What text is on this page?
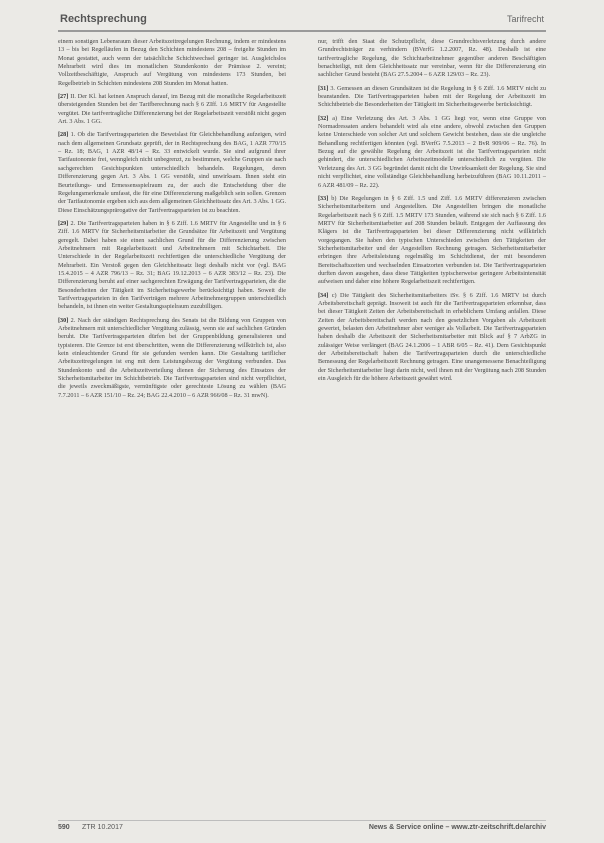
Rechtsprechung	Tarifrecht

einem sonstigen Lebensraum dieser Arbeitszeitregelungen Rechnung, indem er mindestens 13 – bis bei Regelläufen in Bezug den Schichten mindestens 208 – freigelte Stunden im Monat gestattet, auch wenn der tatsächliche Schichtwechsel geringer ist. Ausgleichslos Mehrarbeit wird dies im monatlichen Stundenkonto der Prämisse 2. vereint; Vollzeitbeschäftigte, Anspruch auf Vergütung von mindestens 173 Stunden, bei Regelbetrieb in Schichten mindestens 208 Stunden im Monat hatten.

[27] II. Der Kl. hat keinen Anspruch darauf, im Bezug mit die monatliche Regelarbeitszeit übersteigenden Stunden bei der Tarifberechnung nach § 6 ZIff. 1.6 MRTV für Angestellte vergütet. Die tarifvertragliche Differenzierung bei der Regelarbeitszeit verstößt nicht gegen Art. 3 Abs. 1 GG.

[28] 1. Ob die Tarifvertragsparteien die Beweislast für Gleichbehandlung aufzeigen, wird nach dem allgemeinen Grundsatz geprüft, der in Rechtsprechung des BAG, 1 AZR 770/15 – Rz. 18; BAG, 1 AZR 48/14 – Rz. 33 entwickelt wurde. Sie sind aufgrund ihrer Tarifautonomie frei, wenngleich nicht unbegrenzt, zu bestimmen, welche Gruppen sie nach sachgerechten Gesichtspunkten unterschiedlich behandeln. Regelungen, deren Differenzierung gegen Art. 3 Abs. 1 GG verstößt, sind unwirksam. Ihnen steht ein Beurteilungs- und Ermessensspielraum zu, der auch die Entscheidung über die Regelungsmerkmale umfasst, die für eine Differenzierung maßgeblich sein sollen. Grenzen der Tarifautonomie ergeben sich aus dem allgemeinen Gleichheitssatz des Art. 3 Abs. 1 GG. Diese Einschätzungsprärogative der Tarifvertragsparteien ist zu beachten.

[29] 2. Die Tarifvertragsparteien haben in § 6 Ziff. 1.6 MRTV für Angestellte und in § 6 Ziff. 1.6 MRTV für Sicherheitsmitarbeiter die Grundsätze für Arbeitszeit und Vergütung geregelt. Dabei haben sie einen sachlichen Grund für die Differenzierung zwischen Arbeitnehmern mit Regelarbeitszeit und Arbeitnehmern mit Schichtarbeit. Die Unterschiede in der Regelarbeitszeit rechtfertigen die unterschiedliche Vergütung der Mehrarbeit. Ein Verstoß gegen den Gleichheitssatz liegt deshalb nicht vor (vgl. BAG 15.4.2015 – 4 AZR 796/13 – Rz. 31; BAG 19.12.2013 – 6 AZR 383/12 – Rz. 23). Die Differenzierung beruht auf einer sachgerechten Erwägung der Tarifvertragsparteien, die die Besonderheiten der Tätigkeit im Sicherheitsgewerbe berücksichtigt haben. Soweit die Tarifvertragsparteien in den Tarifverträgen mehrere Arbeitnehmergruppen unterschiedlich behandeln, ist ihnen ein weiter Gestaltungsspielraum zuzubilligen.

[30] 2. Nach der ständigen Rechtsprechung des Senats ist die Bildung von Gruppen von Arbeitnehmern mit unterschiedlicher Vergütung zulässig, wenn sie auf sachlichen Gründen beruht. Die Tarifvertragsparteien dürfen bei der Gruppenbildung generalisieren und typisieren. Die Grenze ist erst überschritten, wenn die Differenzierung willkürlich ist, also kein einleuchtender Grund für sie gefunden werden kann. Die Gestaltung tariflicher Arbeitszeitregelungen ist eng mit dem Leistungsbezug der Vergütung verbunden. Das Stundenkonto und die Arbeitszeitverteilung dienen der Sicherung des Einsatzes der Sicherheitsmitarbeiter im Schichtbetrieb. Die Tarifvertragsparteien sind nicht verpflichtet, die jeweils zweckmäßigste, vernünftigste oder gerechteste Lösung zu wählen (BAG 7.7.2011 – 6 AZR 151/10 – Rz. 24; BAG 22.4.2010 – 6 AZR 966/08 – Rz. 31 mwN).

nur, trifft den Staat die Schutzpflicht, diese Grundrechtsverletzung durch andere Grundrechtsträger zu verhindern (BVerfG 1.2.2007, Rz. 48). Deshalb ist eine tarifvertragliche Regelung, die Schichtarbeitnehmer gegenüber anderen Beschäftigten benachteiligt, mit dem Gleichheitssatz nur vereinbar, wenn für die Differenzierung ein sachlicher Grund besteht (BAG 27.5.2004 – 6 AZR 129/03 – Rz. 23).

[31] 3. Gemessen an diesen Grundsätzen ist die Regelung in § 6 Ziff. 1.6 MRTV nicht zu beanstanden. Die Tarifvertragsparteien haben mit der Regelung der Arbeitszeit im Schichtbetrieb die Besonderheiten der Tätigkeit im Sicherheitsgewerbe berücksichtigt.

[32] a) Eine Verletzung des Art. 3 Abs. 1 GG liegt vor, wenn eine Gruppe von Normadressaten anders behandelt wird als eine andere, obwohl zwischen den Gruppen keine Unterschiede von solcher Art und solchem Gewicht bestehen, dass sie die ungleiche Behandlung rechtfertigen könnten (vgl. BVerfG 7.5.2013 – 2 BvR 909/06 – Rz. 76). In Bezug auf die gewählte Regelung der Arbeitszeit ist die Tarifvertragsparteien nicht gehindert, die unterschiedlichen Arbeitszeitmodelle unterschiedlich zu vergüten. Die Verletzung des Art. 3 GG begründet damit nicht die Unwirksamkeit der Regelung. Sie sind nicht verpflichtet, eine vollständige Gleichbehandlung herbeizuführen (BAG 10.11.2011 – 6 AZR 481/09 – Rz. 22).

[33] b) Die Regelungen in § 6 Ziff. 1.5 und Ziff. 1.6 MRTV differenzieren zwischen Sicherheitsmitarbeitern und Angestellten. Die Angestellten bringen die monatliche Regelarbeitszeit nach § 6 Ziff. 1.5 MRTV 173 Stunden, während sie sich nach § 6 Ziff. 1.6 MRTV für Sicherheitsmitarbeiter auf 208 Stunden beläuft. Entgegen der Auffassung des Klägers ist die Tarifvertragsparteien bei dieser Differenzierung nicht willkürlich vorgegangen. Sie haben den typischen Unterschieden zwischen den Tätigkeiten der Sicherheitsmitarbeiter und der Angestellten Rechnung getragen. Sicherheitsmitarbeiter erbringen ihre Arbeitsleistung regelmäßig im Schichtdienst, der mit besonderen Bereitschaftszeiten und wechselnden Einsatzorten verbunden ist. Die Tarifvertragsparteien durften davon ausgehen, dass diese Tätigkeiten typischerweise geringere Arbeitsintensität aufweisen und daher eine höhere Regelarbeitszeit rechtfertigen.

[34] c) Die Tätigkeit des Sicherheitsmitarbeiters iSv. § 6 Ziff. 1.6 MRTV ist durch Arbeitsbereitschaft geprägt. Insoweit ist auch für die Tarifvertragsparteien erkennbar, dass bei dieser Tätigkeit Zeiten der Arbeitsbereitschaft in erheblichem Umfang anfallen. Diese Zeiten der Arbeitsbereitschaft werden nach den gesetzlichen Vorgaben als Arbeitszeit gewertet, belasten den Arbeitnehmer aber weniger als Vollarbeit. Die Tarifvertragsparteien haben deshalb die Arbeitszeit der Sicherheitsmitarbeiter mit Blick auf § 7 ArbZG in zulässiger Weise verlängert (BAG 24.1.2006 – 1 ABR 6/05 – Rz. 41). Dem Gesichtspunkt der Arbeitsbereitschaft haben die Tarifvertragsparteien durch die unterschiedliche Bemessung der Regelarbeitszeit Rechnung getragen. Eine unangemessene Benachteiligung der Sicherheitsmitarbeiter liegt darin nicht, weil ihnen mit der Vergütung nach 208 Stunden ein Ausgleich für die höhere Arbeitszeit gewährt wird.

590 ZTR 10.2017	News & Service online – www.ztr-zeitschrift.de/archiv
